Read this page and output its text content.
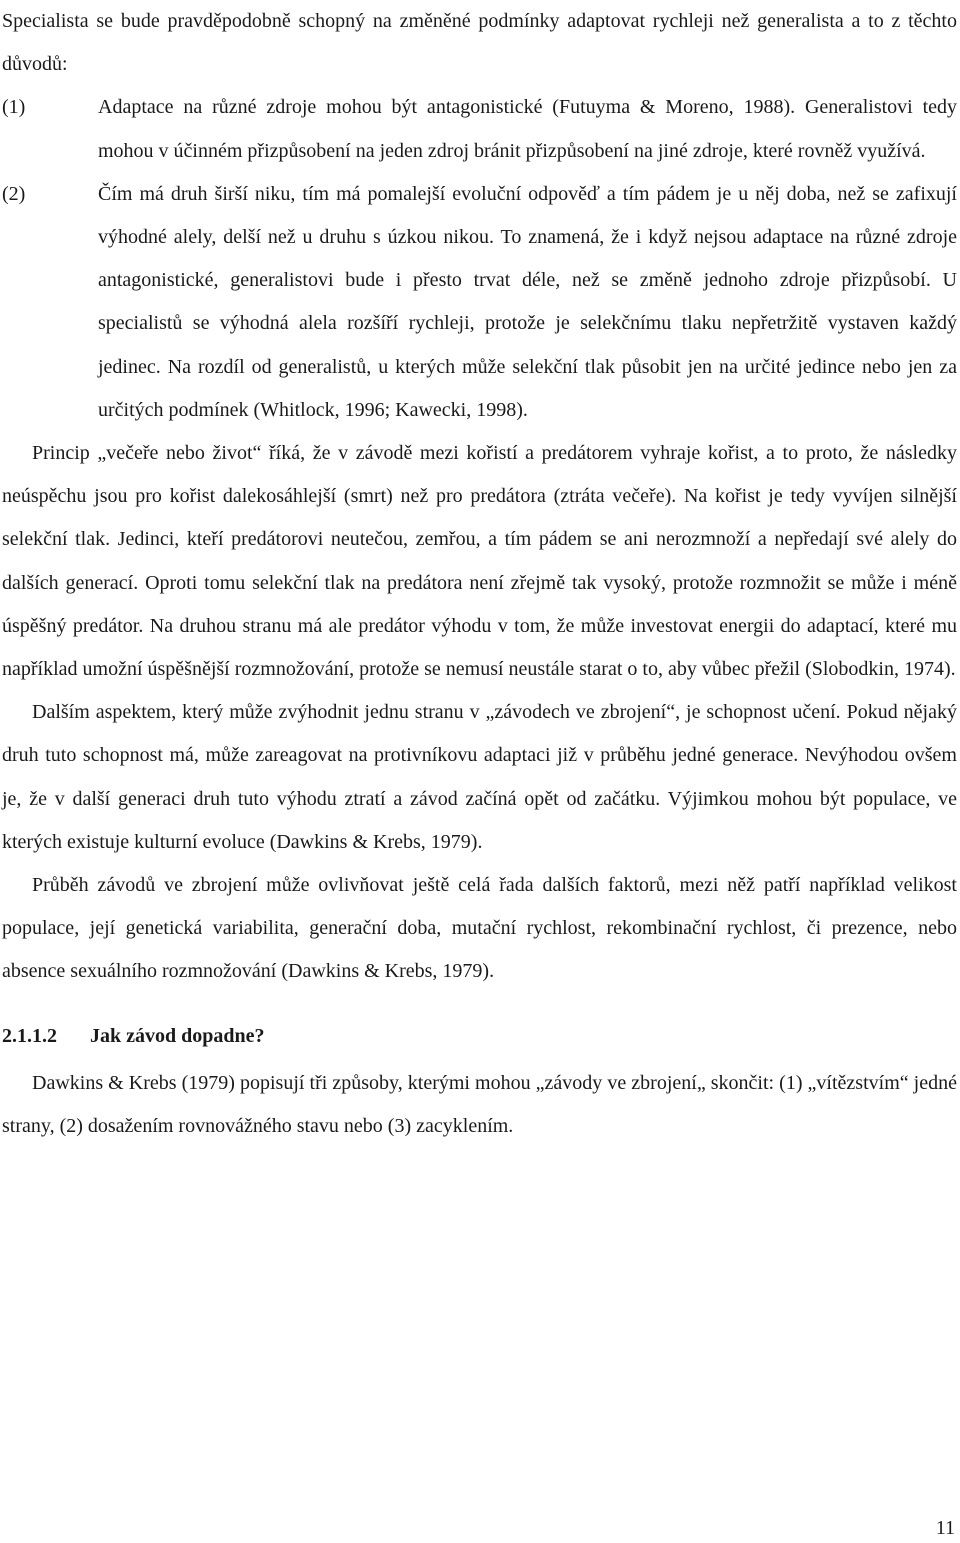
Specialista se bude pravděpodobně schopný na změněné podmínky adaptovat rychleji než generalista a to z těchto důvodů:

(1)	Adaptace na různé zdroje mohou být antagonistické (Futuyma & Moreno, 1988). Generalistovi tedy mohou v účinném přizpůsobení na jeden zdroj bránit přizpůsobení na jiné zdroje, které rovněž využívá.
(2)	Čím má druh širší niku, tím má pomalejší evoluční odpověď a tím pádem je u něj doba, než se zafixují výhodné alely, delší než u druhu s úzkou nikou. To znamená, že i když nejsou adaptace na různé zdroje antagonistické, generalistovi bude i přesto trvat déle, než se změně jednoho zdroje přizpůsobí. U specialistů se výhodná alela rozšíří rychleji, protože je selekčnímu tlaku nepřetržitě vystaven každý jedinec. Na rozdíl od generalistů, u kterých může selekční tlak působit jen na určité jedince nebo jen za určitých podmínek (Whitlock, 1996; Kawecki, 1998).

Princip „večeře nebo život“ říká, že v závodě mezi kořistí a predátorem vyhraje kořist, a to proto, že následky neúspěchu jsou pro kořist dalekosáhlejší (smrt) než pro predátora (ztráta večeře). Na kořist je tedy vyvíjen silnější selekční tlak. Jedinci, kteří predátorovi neutečou, zemřou, a tím pádem se ani nerozmnoží a nepředají své alely do dalších generací. Oproti tomu selekční tlak na predátora není zřejmě tak vysoký, protože rozmnožit se může i méně úspěšný predátor. Na druhou stranu má ale predátor výhodu v tom, že může investovat energii do adaptací, které mu například umožní úspěšnější rozmnožování, protože se nemusí neustále starat o to, aby vůbec přežil (Slobodkin, 1974).

Dalším aspektem, který může zvýhodnit jednu stranu v „závodech ve zbrojení“, je schopnost učení. Pokud nějaký druh tuto schopnost má, může zareagovat na protivníkovu adaptaci již v průběhu jedné generace. Nevýhodou ovšem je, že v další generaci druh tuto výhodu ztratí a závod začíná opět od začátku. Výjimkou mohou být populace, ve kterých existuje kulturní evoluce (Dawkins & Krebs, 1979).

Průběh závodů ve zbrojení může ovlivňovat ještě celá řada dalších faktorů, mezi něž patří například velikost populace, její genetická variabilita, generační doba, mutační rychlost, rekombinační rychlost, či prezence, nebo absence sexuálního rozmnožování (Dawkins & Krebs, 1979).

2.1.1.2	Jak závod dopadne?

Dawkins & Krebs (1979) popisují tři způsoby, kterými mohou „závody ve zbrojení„ skončit: (1) „vítězstvím“ jedné strany, (2) dosažením rovnovážného stavu nebo (3) zacyklením.

11
